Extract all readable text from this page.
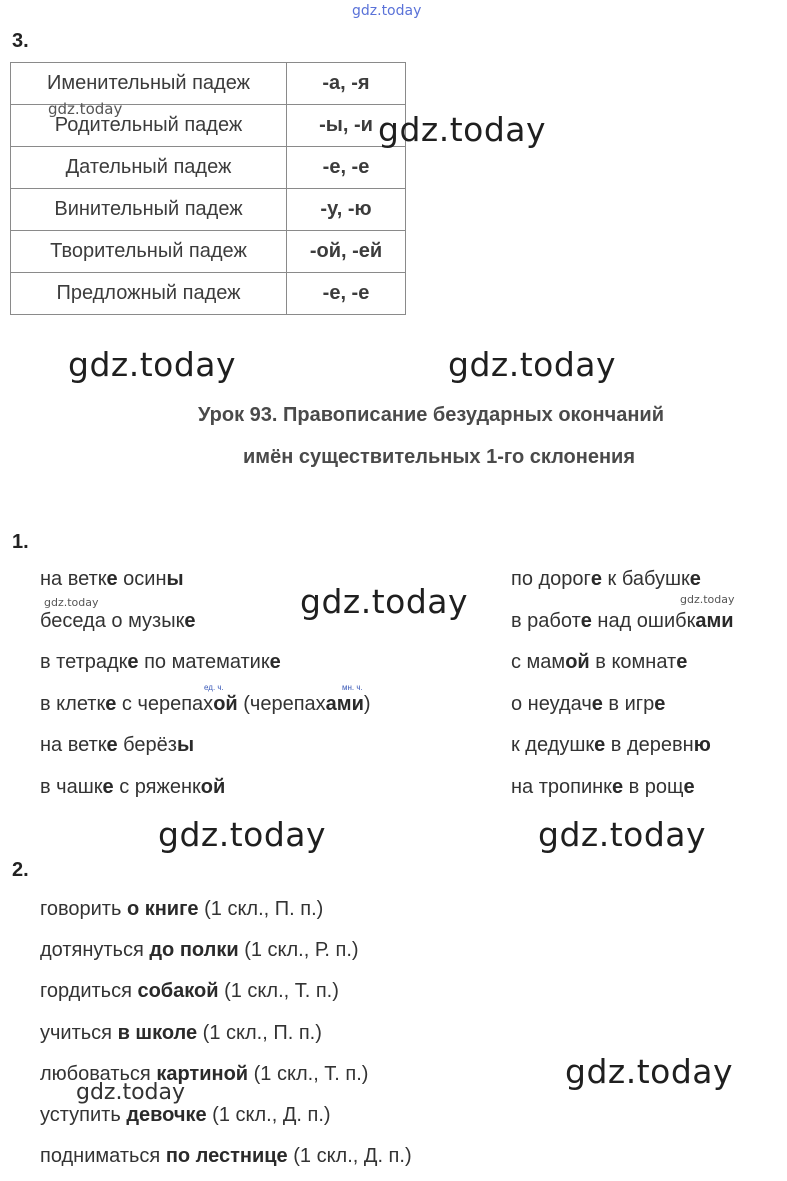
gdz.today
3.
Именительный падеж	-а, -я
Родительный падеж	-ы, -и
Дательный падеж	-е, -е
Винительный падеж	-у, -ю
Творительный падеж	-ой, -ей
Предложный падеж	-е, -е
gdz.today
gdz.today
gdz.today	gdz.today
Урок 93. Правописание безударных окончаний
имён существительных 1-го склонения
1.
на ветке осины
беседа о музыке
в тетрадке по математике
в клетке с черепахой (черепахами)
на ветке берёзы
в чашке с ряженкой
по дороге к бабушке
в работе над ошибками
с мамой в комнате
о неудаче в игре
к дедушке в деревню
на тропинке в роще
ед. ч.	мн. ч.
gdz.today	gdz.today
gdz.today
gdz.today	gdz.today
2.
говорить о книге (1 скл., П. п.)
дотянуться до полки (1 скл., Р. п.)
гордиться собакой (1 скл., Т. п.)
учиться в школе (1 скл., П. п.)
любоваться картиной (1 скл., Т. п.)
уступить девочке (1 скл., Д. п.)
подниматься по лестнице (1 скл., Д. п.)
gdz.today
gdz.today
